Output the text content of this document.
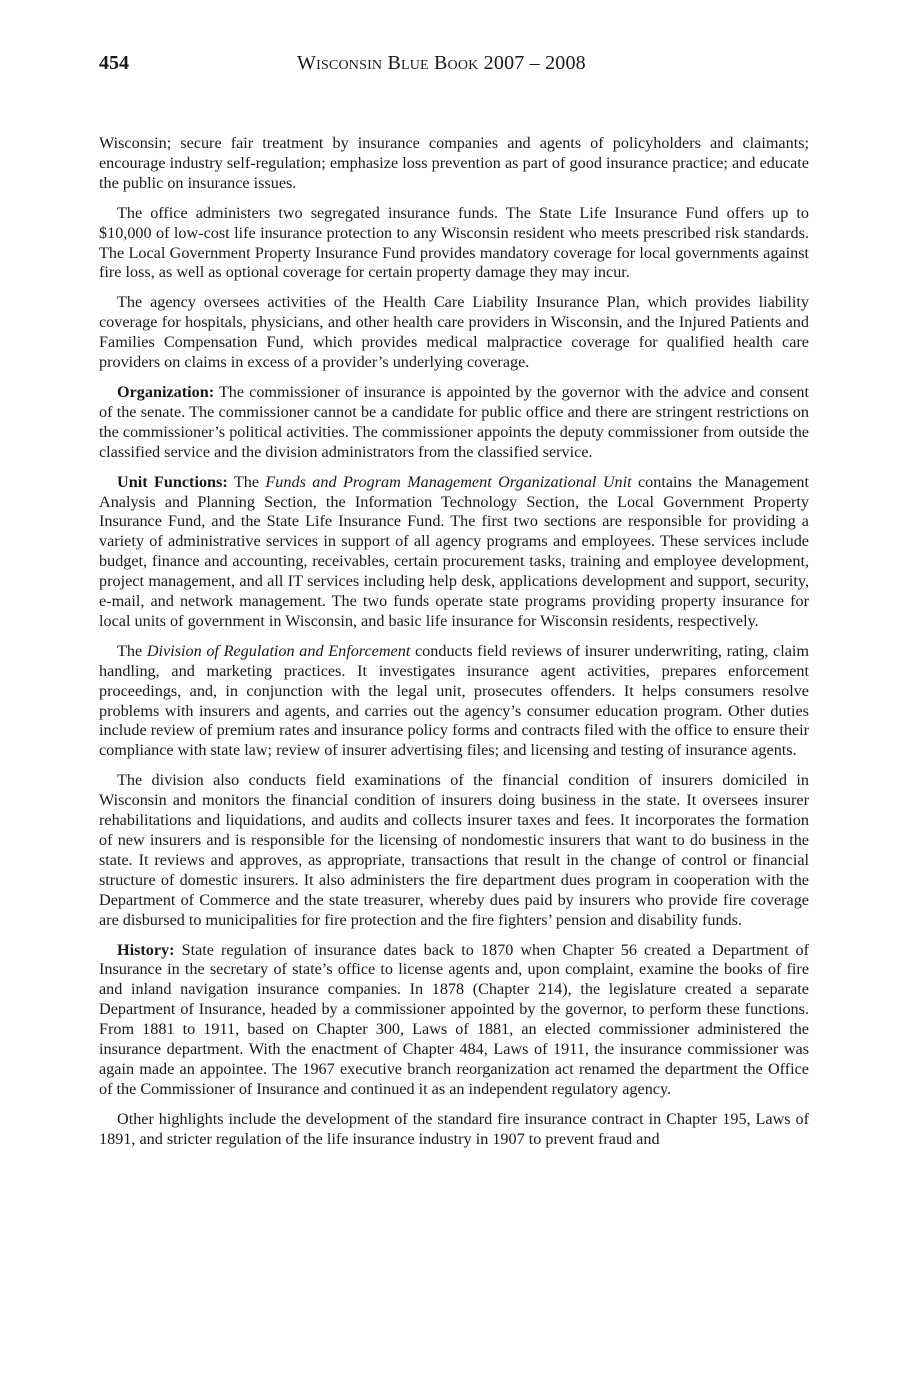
454	Wisconsin Blue Book 2007 – 2008

Wisconsin; secure fair treatment by insurance companies and agents of policyholders and claimants; encourage industry self-regulation; emphasize loss prevention as part of good insurance practice; and educate the public on insurance issues.

The office administers two segregated insurance funds. The State Life Insurance Fund offers up to $10,000 of low-cost life insurance protection to any Wisconsin resident who meets prescribed risk standards. The Local Government Property Insurance Fund provides mandatory coverage for local governments against fire loss, as well as optional coverage for certain property damage they may incur.

The agency oversees activities of the Health Care Liability Insurance Plan, which provides liability coverage for hospitals, physicians, and other health care providers in Wisconsin, and the Injured Patients and Families Compensation Fund, which provides medical malpractice coverage for qualified health care providers on claims in excess of a provider’s underlying coverage.

Organization: The commissioner of insurance is appointed by the governor with the advice and consent of the senate. The commissioner cannot be a candidate for public office and there are stringent restrictions on the commissioner’s political activities. The commissioner appoints the deputy commissioner from outside the classified service and the division administrators from the classified service.

Unit Functions: The Funds and Program Management Organizational Unit contains the Management Analysis and Planning Section, the Information Technology Section, the Local Government Property Insurance Fund, and the State Life Insurance Fund. The first two sections are responsible for providing a variety of administrative services in support of all agency programs and employees. These services include budget, finance and accounting, receivables, certain procurement tasks, training and employee development, project management, and all IT services including help desk, applications development and support, security, e-mail, and network management. The two funds operate state programs providing property insurance for local units of government in Wisconsin, and basic life insurance for Wisconsin residents, respectively.

The Division of Regulation and Enforcement conducts field reviews of insurer underwriting, rating, claim handling, and marketing practices. It investigates insurance agent activities, prepares enforcement proceedings, and, in conjunction with the legal unit, prosecutes offenders. It helps consumers resolve problems with insurers and agents, and carries out the agency’s consumer education program. Other duties include review of premium rates and insurance policy forms and contracts filed with the office to ensure their compliance with state law; review of insurer advertising files; and licensing and testing of insurance agents.

The division also conducts field examinations of the financial condition of insurers domiciled in Wisconsin and monitors the financial condition of insurers doing business in the state. It oversees insurer rehabilitations and liquidations, and audits and collects insurer taxes and fees. It incorporates the formation of new insurers and is responsible for the licensing of nondomestic insurers that want to do business in the state. It reviews and approves, as appropriate, transactions that result in the change of control or financial structure of domestic insurers. It also administers the fire department dues program in cooperation with the Department of Commerce and the state treasurer, whereby dues paid by insurers who provide fire coverage are disbursed to municipalities for fire protection and the fire fighters’ pension and disability funds.

History: State regulation of insurance dates back to 1870 when Chapter 56 created a Department of Insurance in the secretary of state’s office to license agents and, upon complaint, examine the books of fire and inland navigation insurance companies. In 1878 (Chapter 214), the legislature created a separate Department of Insurance, headed by a commissioner appointed by the governor, to perform these functions. From 1881 to 1911, based on Chapter 300, Laws of 1881, an elected commissioner administered the insurance department. With the enactment of Chapter 484, Laws of 1911, the insurance commissioner was again made an appointee. The 1967 executive branch reorganization act renamed the department the Office of the Commissioner of Insurance and continued it as an independent regulatory agency.

Other highlights include the development of the standard fire insurance contract in Chapter 195, Laws of 1891, and stricter regulation of the life insurance industry in 1907 to prevent fraud and
